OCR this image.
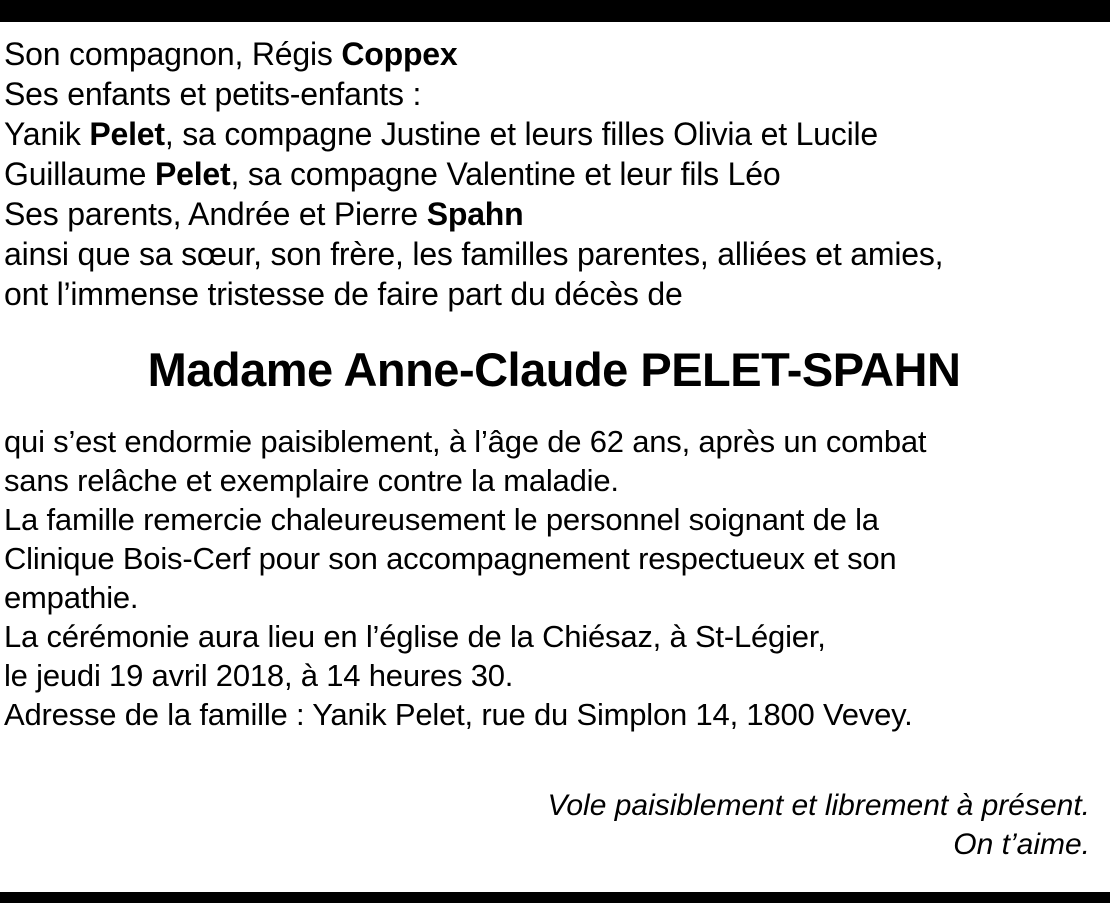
Son compagnon, Régis Coppex
Ses enfants et petits-enfants :
Yanik Pelet, sa compagne Justine et leurs filles Olivia et Lucile
Guillaume Pelet, sa compagne Valentine et leur fils Léo
Ses parents, Andrée et Pierre Spahn
ainsi que sa sœur, son frère, les familles parentes, alliées et amies,
ont l’immense tristesse de faire part du décès de
Madame Anne-Claude PELET-SPAHN
qui s’est endormie paisiblement, à l’âge de 62 ans, après un combat
sans relâche et exemplaire contre la maladie.
La famille remercie chaleureusement le personnel soignant de la
Clinique Bois-Cerf pour son accompagnement respectueux et son
empathie.
La cérémonie aura lieu en l’église de la Chiésaz, à St-Légier,
le jeudi 19 avril 2018, à 14 heures 30.
Adresse de la famille : Yanik Pelet, rue du Simplon 14, 1800 Vevey.
Vole paisiblement et librement à présent.
On t’aime.
